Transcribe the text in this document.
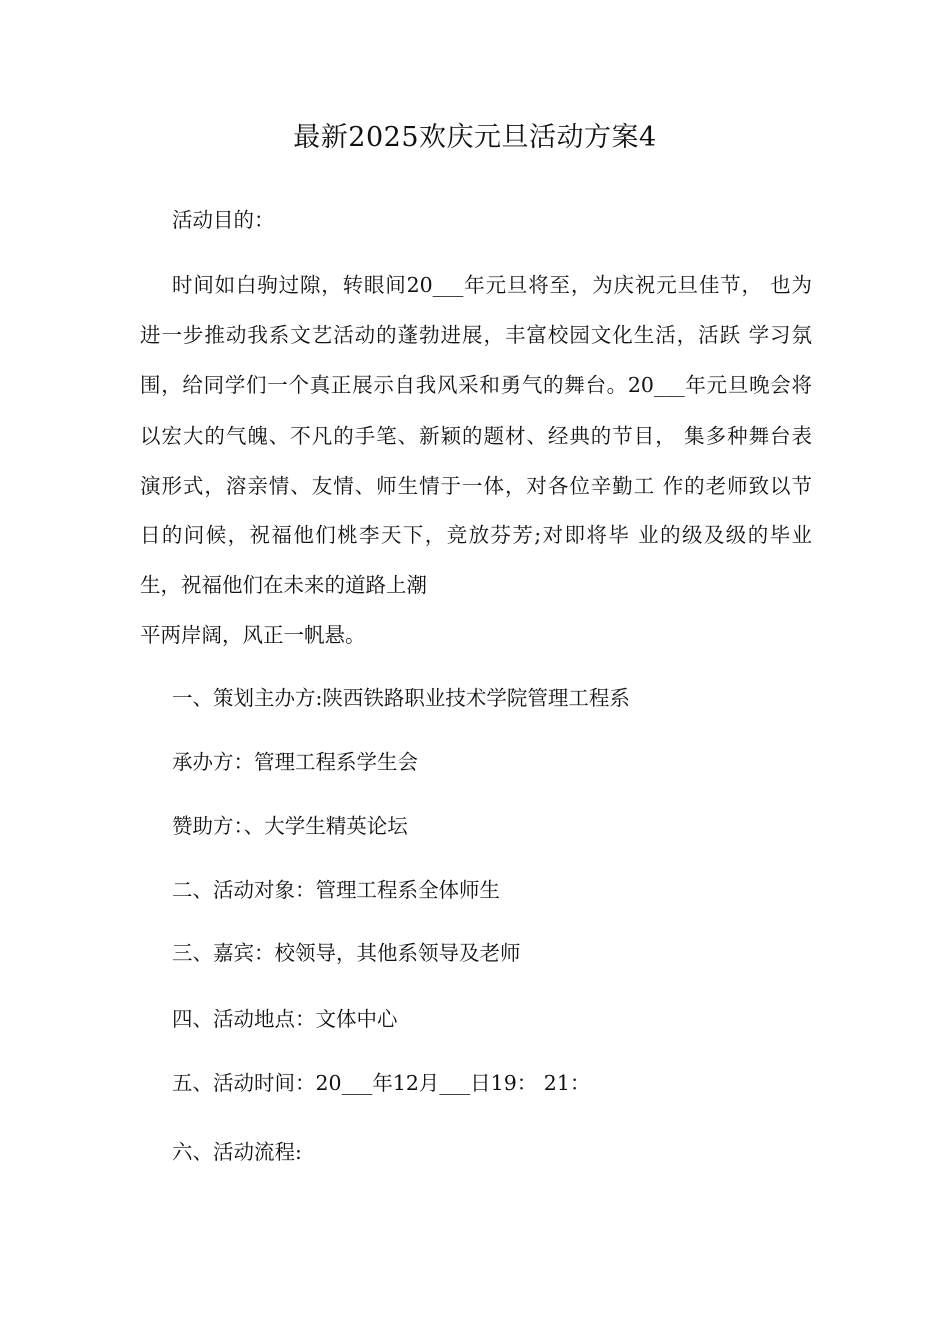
最新2025欢庆元旦活动方案4
活动目的：
时间如白驹过隙，转眼间20___年元旦将至，为庆祝元旦佳节， 也为
进一步推动我系文艺活动的蓬勃进展，丰富校园文化生活，活跃 学习氛
围，给同学们一个真正展示自我风采和勇气的舞台。20___年元旦晚会将
以宏大的气魄、不凡的手笔、新颖的题材、经典的节目， 集多种舞台表
演形式，溶亲情、友情、师生情于一体，对各位辛勤工 作的老师致以节
日的问候，祝福他们桃李天下，竞放芬芳;对即将毕 业的级及级的毕业
生，祝福他们在未来的道路上潮
平两岸阔，风正一帆悬。
一、策划主办方:陕西铁路职业技术学院管理工程系
承办方：管理工程系学生会
赞助方：、大学生精英论坛
二、活动对象：管理工程系全体师生
三、嘉宾：校领导，其他系领导及老师
四、活动地点：文体中心
五、活动时间：20___年12月___日19： 21：
六、活动流程:
